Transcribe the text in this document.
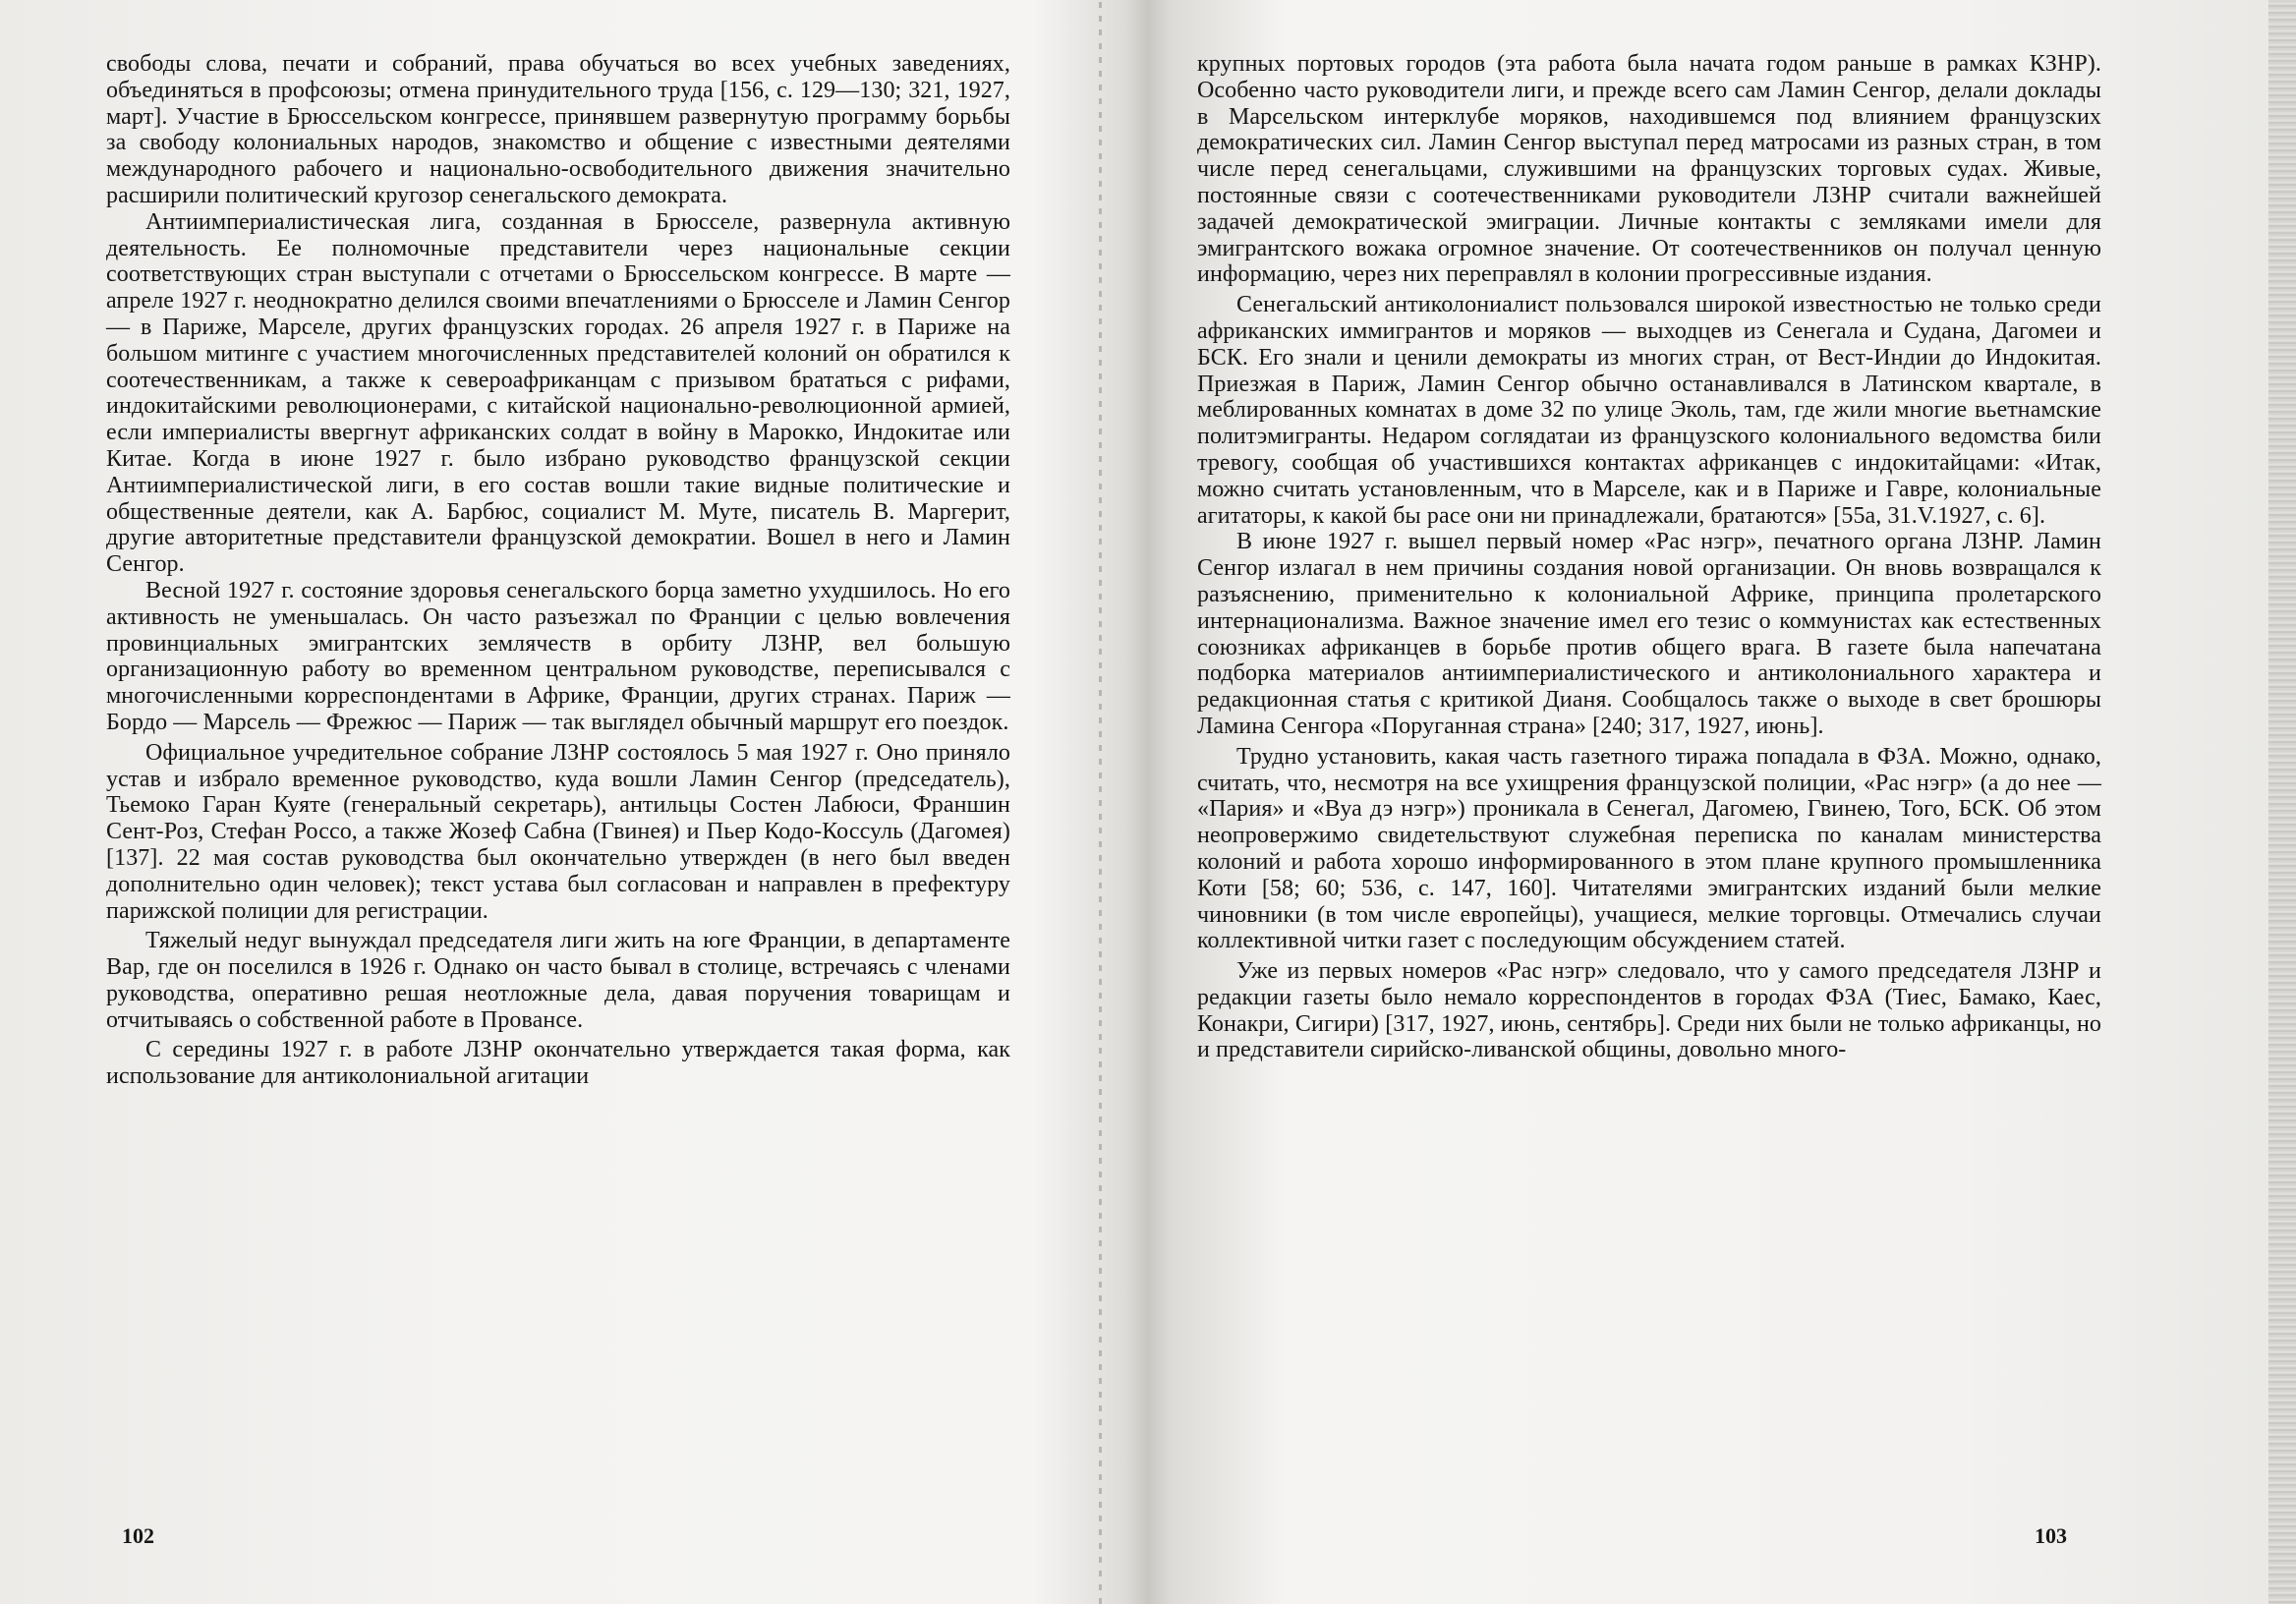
свободы слова, печати и собраний, права обучаться во всех учебных заведениях, объединяться в профсоюзы; отмена принудительного труда [156, с. 129—130; 321, 1927, март]. Участие в Брюссельском конгрессе, принявшем развернутую программу борьбы за свободу колониальных народов, знакомство и общение с известными деятелями международного рабочего и национально-освободительного движения значительно расширили политический кругозор сенегальского демократа.

Антиимпериалистическая лига, созданная в Брюсселе, развернула активную деятельность. Ее полномочные представители через национальные секции соответствующих стран выступали с отчетами о Брюссельском конгрессе. В марте — апреле 1927 г. неоднократно делился своими впечатлениями о Брюсселе и Ламин Сенгор — в Париже, Марселе, других французских городах. 26 апреля 1927 г. в Париже на большом митинге с участием многочисленных представителей колоний он обратился к соотечественникам, а также к североафриканцам с призывом брататься с рифами, индокитайскими революционерами, с китайской национально-революционной армией, если империалисты ввергнут африканских солдат в войну в Марокко, Индокитае или Китае. Когда в июне 1927 г. было избрано руководство французской секции Антиимпериалистической лиги, в его состав вошли такие видные политические и общественные деятели, как А. Барбюс, социалист М. Муте, писатель В. Маргерит, другие авторитетные представители французской демократии. Вошел в него и Ламин Сенгор.

Весной 1927 г. состояние здоровья сенегальского борца заметно ухудшилось. Но его активность не уменьшалась. Он часто разъезжал по Франции с целью вовлечения провинциальных эмигрантских землячеств в орбиту ЛЗНР, вел большую организационную работу во временном центральном руководстве, переписывался с многочисленными корреспондентами в Африке, Франции, других странах. Париж — Бордо — Марсель — Фрежюс — Париж — так выглядел обычный маршрут его поездок.

Официальное учредительное собрание ЛЗНР состоялось 5 мая 1927 г. Оно приняло устав и избрало временное руководство, куда вошли Ламин Сенгор (председатель), Тьемоко Гаран Куяте (генеральный секретарь), антильцы Состен Лабюси, Франшин Сент-Роз, Стефан Россо, а также Жозеф Сабна (Гвинея) и Пьер Кодо-Коссуль (Дагомея) [137]. 22 мая состав руководства был окончательно утвержден (в него был введен дополнительно один человек); текст устава был согласован и направлен в префектуру парижской полиции для регистрации.

Тяжелый недуг вынуждал председателя лиги жить на юге Франции, в департаменте Вар, где он поселился в 1926 г. Однако он часто бывал в столице, встречаясь с членами руководства, оперативно решая неотложные дела, давая поручения товарищам и отчитываясь о собственной работе в Провансе.

С середины 1927 г. в работе ЛЗНР окончательно утверждается такая форма, как использование для антиколониальной агитации

102

крупных портовых городов (эта работа была начата годом раньше в рамках КЗНР). Особенно часто руководители лиги, и прежде всего сам Ламин Сенгор, делали доклады в Марсельском интерклубе моряков, находившемся под влиянием французских демократических сил. Ламин Сенгор выступал перед матросами из разных стран, в том числе перед сенегальцами, служившими на французских торговых судах. Живые, постоянные связи с соотечественниками руководители ЛЗНР считали важнейшей задачей демократической эмиграции. Личные контакты с земляками имели для эмигрантского вожака огромное значение. От соотечественников он получал ценную информацию, через них переправлял в колонии прогрессивные издания.

Сенегальский антиколониалист пользовался широкой известностью не только среди африканских иммигрантов и моряков — выходцев из Сенегала и Судана, Дагомеи и БСК. Его знали и ценили демократы из многих стран, от Вест-Индии до Индокитая. Приезжая в Париж, Ламин Сенгор обычно останавливался в Латинском квартале, в меблированных комнатах в доме 32 по улице Эколь, там, где жили многие вьетнамские политэмигранты. Недаром соглядатаи из французского колониального ведомства били тревогу, сообщая об участившихся контактах африканцев с индокитайцами: «Итак, можно считать установленным, что в Марселе, как и в Париже и Гавре, колониальные агитаторы, к какой бы расе они ни принадлежали, братаются» [55а, 31.V.1927, с. 6].

В июне 1927 г. вышел первый номер «Рас нэгр», печатного органа ЛЗНР. Ламин Сенгор излагал в нем причины создания новой организации. Он вновь возвращался к разъяснению, применительно к колониальной Африке, принципа пролетарского интернационализма. Важное значение имел его тезис о коммунистах как естественных союзниках африканцев в борьбе против общего врага. В газете была напечатана подборка материалов антиимпериалистического и антиколониального характера и редакционная статья с критикой Дианя. Сообщалось также о выходе в свет брошюры Ламина Сенгора «Поруганная страна» [240; 317, 1927, июнь].

Трудно установить, какая часть газетного тиража попадала в ФЗА. Можно, однако, считать, что, несмотря на все ухищрения французской полиции, «Рас нэгр» (а до нее — «Пария» и «Вуа дэ нэгр») проникала в Сенегал, Дагомею, Гвинею, Того, БСК. Об этом неопровержимо свидетельствуют служебная переписка по каналам министерства колоний и работа хорошо информированного в этом плане крупного промышленника Коти [58; 60; 536, с. 147, 160]. Читателями эмигрантских изданий были мелкие чиновники (в том числе европейцы), учащиеся, мелкие торговцы. Отмечались случаи коллективной читки газет с последующим обсуждением статей.

Уже из первых номеров «Рас нэгр» следовало, что у самого председателя ЛЗНР и редакции газеты было немало корреспондентов в городах ФЗА (Тиес, Бамако, Каес, Конакри, Сигири) [317, 1927, июнь, сентябрь]. Среди них были не только африканцы, но и представители сирийско-ливанской общины, довольно много-

103
